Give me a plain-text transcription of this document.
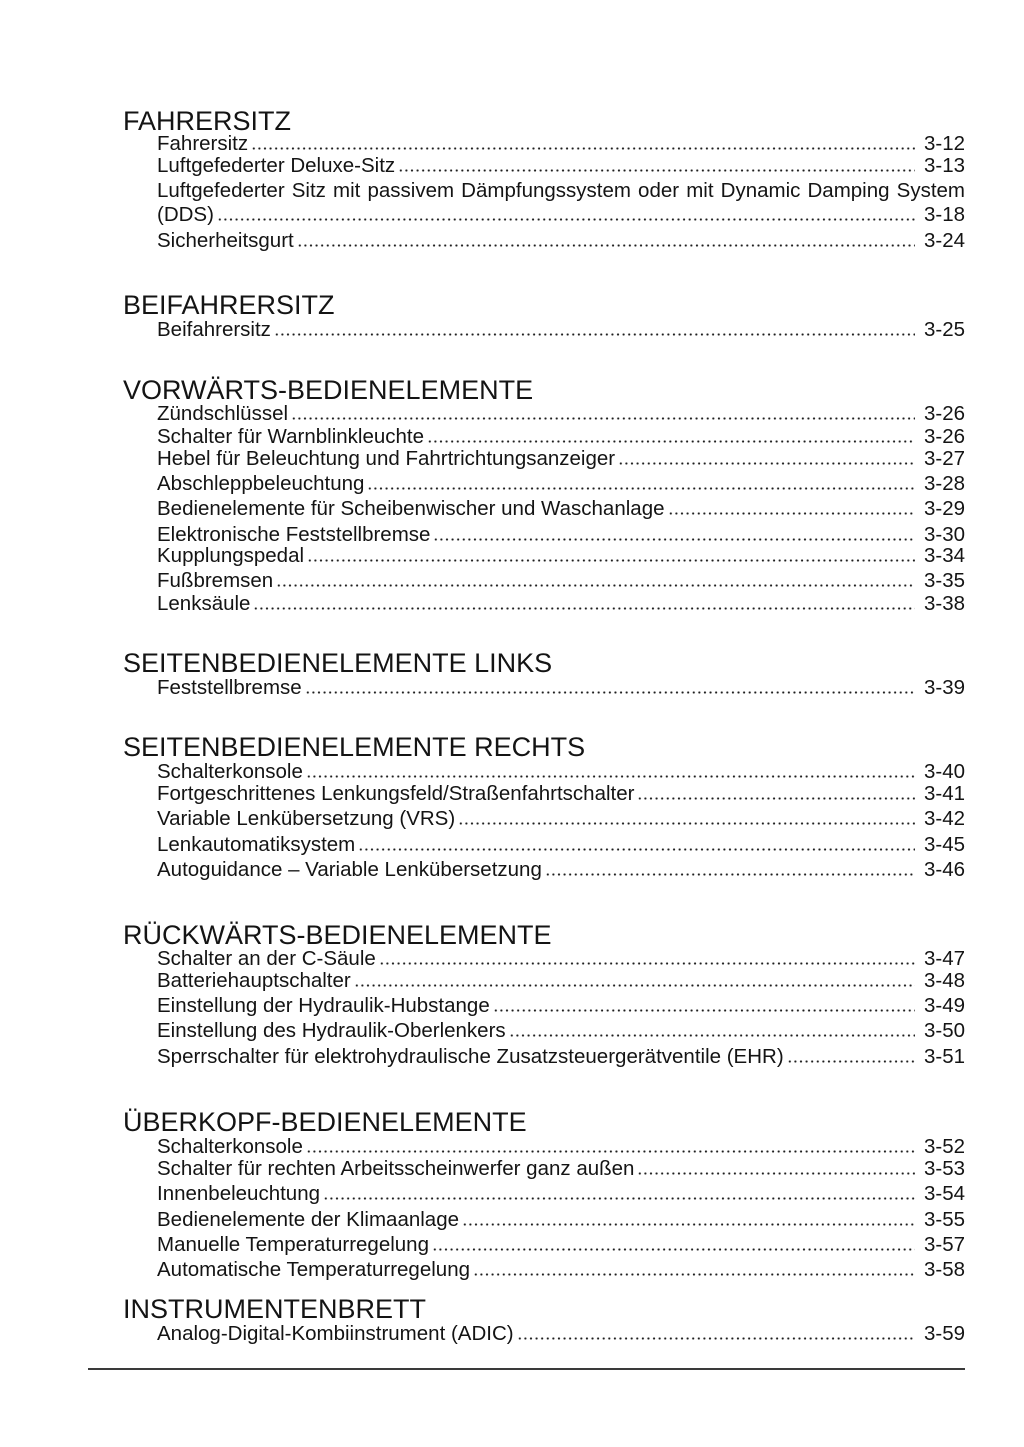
FAHRERSITZ
Fahrersitz	3-12
Luftgefederter Deluxe-Sitz	3-13
Luftgefederter Sitz mit passivem Dämpfungssystem oder mit Dynamic Damping System
(DDS)	3-18
Sicherheitsgurt	3-24
BEIFAHRERSITZ
Beifahrersitz	3-25
VORWÄRTS-BEDIENELEMENTE
Zündschlüssel	3-26
Schalter für Warnblinkleuchte	3-26
Hebel für Beleuchtung und Fahrtrichtungsanzeiger	3-27
Abschleppbeleuchtung	3-28
Bedienelemente für Scheibenwischer und Waschanlage	3-29
Elektronische Feststellbremse	3-30
Kupplungspedal	3-34
Fußbremsen	3-35
Lenksäule	3-38
SEITENBEDIENELEMENTE LINKS
Feststellbremse	3-39
SEITENBEDIENELEMENTE RECHTS
Schalterkonsole	3-40
Fortgeschrittenes Lenkungsfeld/Straßenfahrtschalter	3-41
Variable Lenkübersetzung (VRS)	3-42
Lenkautomatiksystem	3-45
Autoguidance – Variable Lenkübersetzung	3-46
RÜCKWÄRTS-BEDIENELEMENTE
Schalter an der C-Säule	3-47
Batteriehauptschalter	3-48
Einstellung der Hydraulik-Hubstange	3-49
Einstellung des Hydraulik-Oberlenkers	3-50
Sperrschalter für elektrohydraulische Zusatzsteuergerätventile (EHR)	3-51
ÜBERKOPF-BEDIENELEMENTE
Schalterkonsole	3-52
Schalter für rechten Arbeitsscheinwerfer ganz außen	3-53
Innenbeleuchtung	3-54
Bedienelemente der Klimaanlage	3-55
Manuelle Temperaturregelung	3-57
Automatische Temperaturregelung	3-58
INSTRUMENTENBRETT
Analog-Digital-Kombiinstrument (ADIC)	3-59
